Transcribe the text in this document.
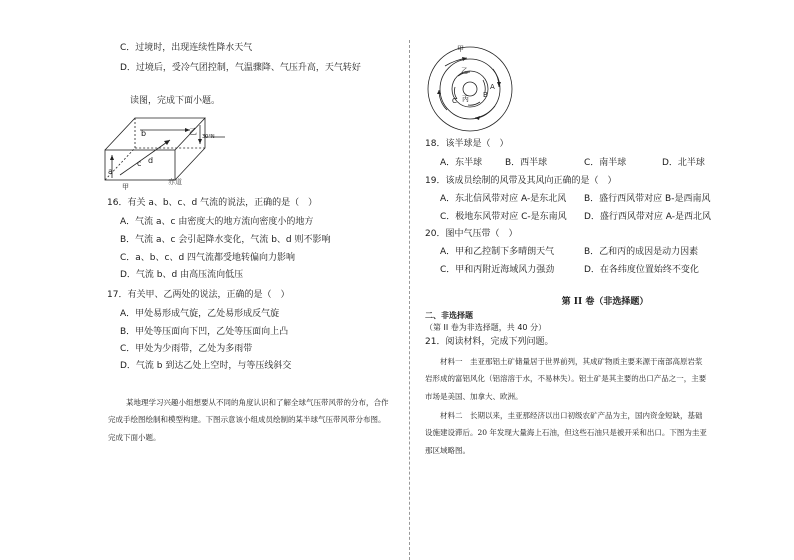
C．过境时，出现连续性降水天气
D．过境后，受冷气团控制，气温骤降、气压升高，天气转好
读图，完成下面小题。
a
b
c d
乙
30°N
甲
赤道
16．有关 a、b、c、d 气流的说法，正确的是（　）
A．气流 a、c 由密度大的地方流向密度小的地方
B．气流 a、c 会引起降水变化，气流 b、d 则不影响
C．a、b、c、d 四气流都受地转偏向力影响
D．气流 b、d 由高压流向低压
17．有关甲、乙两处的说法，正确的是（　）
A．甲处易形成气旋，乙处易形成反气旋
B．甲处等压面向下凹，乙处等压面向上凸
C．甲处为少雨带，乙处为多雨带
D．气流 b 到达乙处上空时，与等压线斜交
某地理学习兴趣小组想要从不同的角度认识和了解全球气压带风带的分布，合作
完成手绘图绘制和模型构建。下图示意该小组成员绘制的某半球气压带风带分布图。
完成下面小题。
甲
乙
丙
A
B
C
18．该半球是（　）
A．东半球	B．西半球	C．南半球	D．北半球
19．该成员绘制的风带及其风向正确的是（　）
A．东北信风带对应 A-是东北风 B．盛行西风带对应 B-是西南风
C．极地东风带对应 C-是东南风 D．盛行西风带对应 A-是西北风
20．图中气压带（　）
A．甲和乙控制下多晴朗天气	B．乙和丙的成因是动力因素
C．甲和丙附近海域风力强劲	D．在各纬度位置始终不变化
第 II 卷（非选择题）
二、非选择题
（第 II 卷为非选择题，共 40 分）
21．阅读材料，完成下列问题。
材料一　圭亚那铝土矿储量居于世界前列，其成矿物质主要来源于南部高原岩浆
岩形成的富铝风化（铝溶溶于水，不易林失）。铝土矿是其主要的出口产品之一，主要
市场是美国、加拿大、欧洲。
材料二　长期以来，圭亚那经济以出口初级农矿产品为主，国内资金短缺，基础
设施建设滞后。20 年发现大量海上石油，但这些石油只是被开采和出口。下图为圭亚
那区域略图。
